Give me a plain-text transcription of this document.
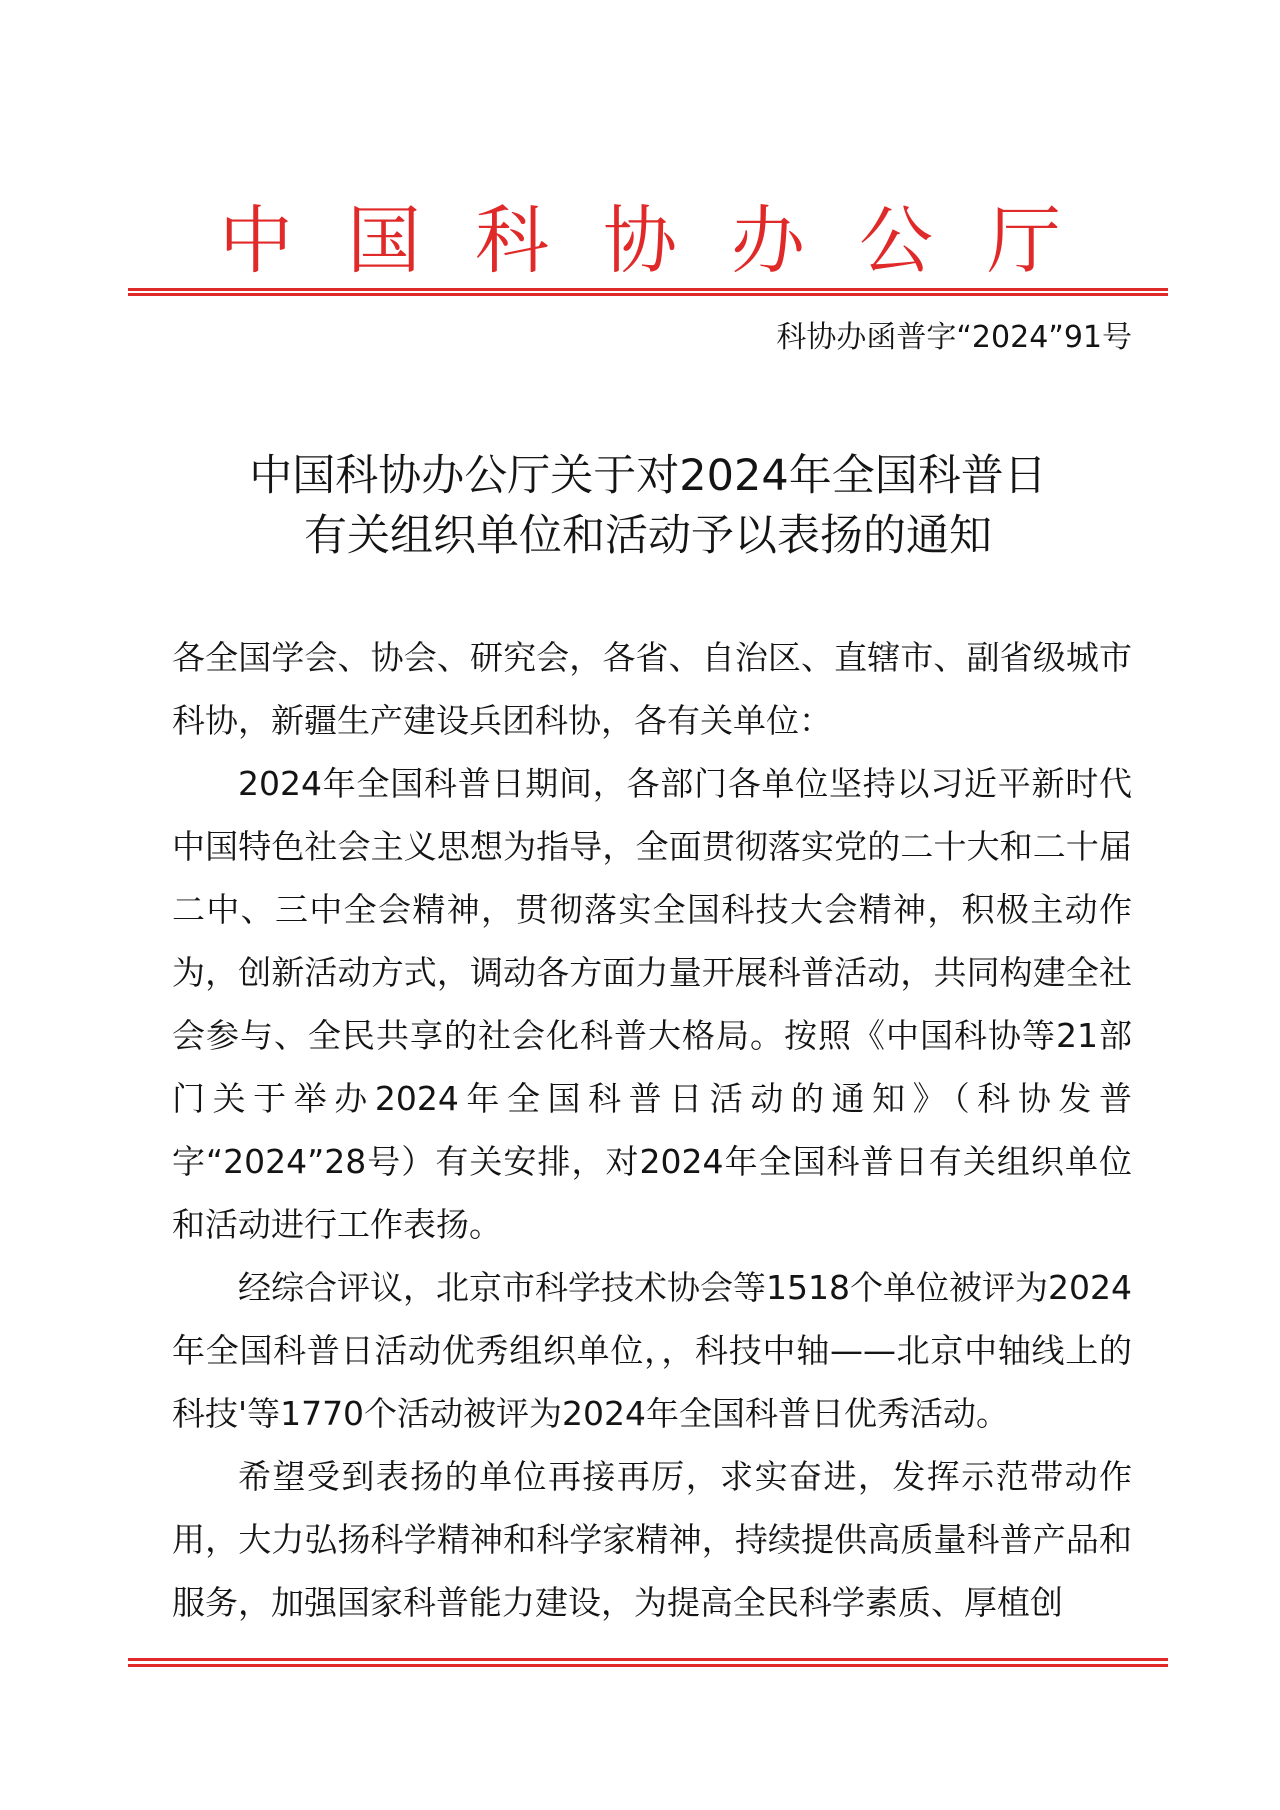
中国科协办公厅
科协办函普字“2024”91号
中国科协办公厅关于对2024年全国科普日
有关组织单位和活动予以表扬的通知

各全国学会、协会、研究会，各省、自治区、直辖市、副省级城市科协，新疆生产建设兵团科协，各有关单位：

2024年全国科普日期间，各部门各单位坚持以习近平新时代中国特色社会主义思想为指导，全面贯彻落实党的二十大和二十届二中、三中全会精神，贯彻落实全国科技大会精神，积极主动作为，创新活动方式，调动各方面力量开展科普活动，共同构建全社会参与、全民共享的社会化科普大格局。按照《中国科协等21部门关于举办2024年全国科普日活动的通知》（科协发普字“2024”28号）有关安排，对2024年全国科普日有关组织单位和活动进行工作表扬。

经综合评议，北京市科学技术协会等1518个单位被评为2024年全国科普日活动优秀组织单位，，科技中轴——北京中轴线上的科技'等1770个活动被评为2024年全国科普日优秀活动。

希望受到表扬的单位再接再厉，求实奋进，发挥示范带动作用，大力弘扬科学精神和科学家精神，持续提供高质量科普产品和服务，加强国家科普能力建设，为提高全民科学素质、厚植创
